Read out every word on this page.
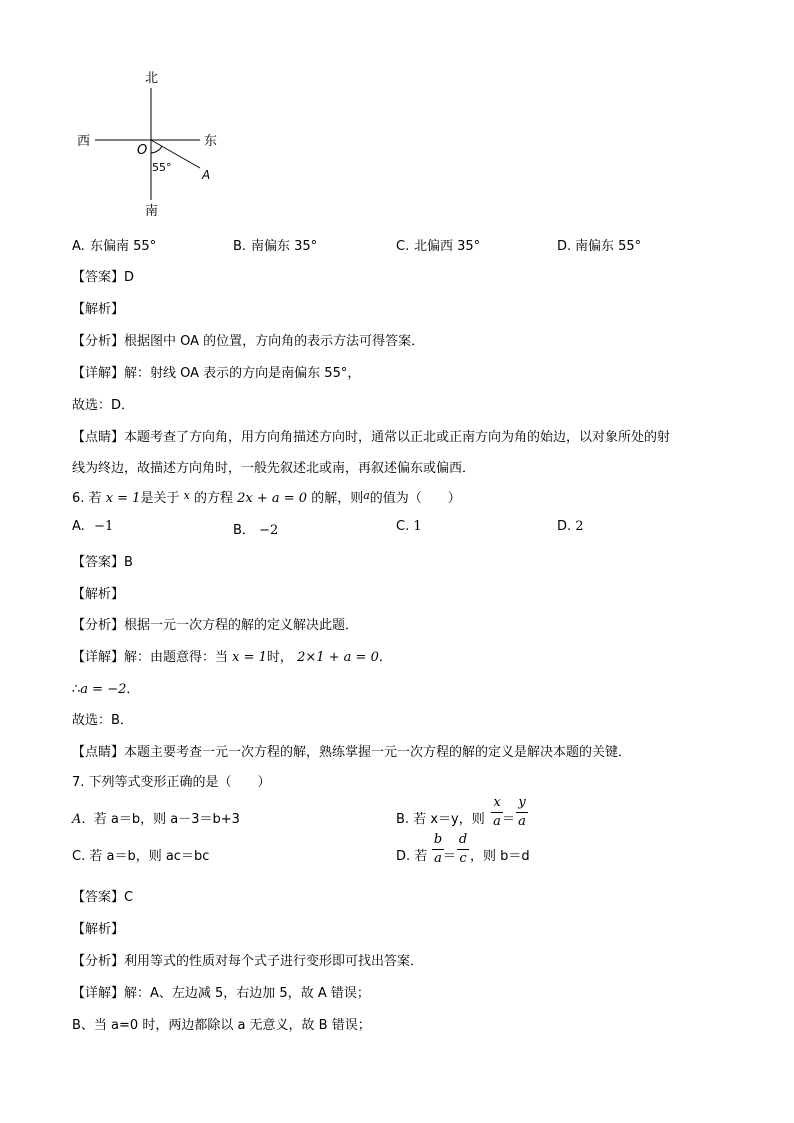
北
南
西	东
O
A
55°
A. 东偏南 55°	B. 南偏东 35°	C. 北偏西 35°	D. 南偏东 55°
【答案】D
【解析】
【分析】根据图中 OA 的位置，方向角的表示方法可得答案．
【详解】解：射线 OA 表示的方向是南偏东 55°，
故选：D．
【点睛】本题考查了方向角，用方向角描述方向时，通常以正北或正南方向为角的始边，以对象所处的射
线为终边，故描述方向角时，一般先叙述北或南，再叙述偏东或偏西．
6. 若 x = 1是关于 $^x$ 的方程 2x + a = 0 的解，则$^a$的值为（　　）
A. −1	B． −2	C. 1	D. 2
【答案】B
【解析】
【分析】根据一元一次方程的解的定义解决此题．
【详解】解：由题意得：当 x = 1时， 2×1 + a = 0．
∴a = −2．
故选：B．
【点睛】本题主要考查一元一次方程的解，熟练掌握一元一次方程的解的定义是解决本题的关键．
7. 下列等式变形正确的是（　　）
A. 若 a＝b，则 a－3＝b+3	B. 若 x＝y，则
x
a ＝
y
a
C. 若 a＝b，则 ac＝bc	D. 若
b
a ＝
d
c ，则 b＝d
【答案】C
【解析】
【分析】利用等式的性质对每个式子进行变形即可找出答案．
【详解】解：A、左边减 5，右边加 5，故 A 错误；
B、当 a=0 时，两边都除以 a 无意义，故 B 错误；
